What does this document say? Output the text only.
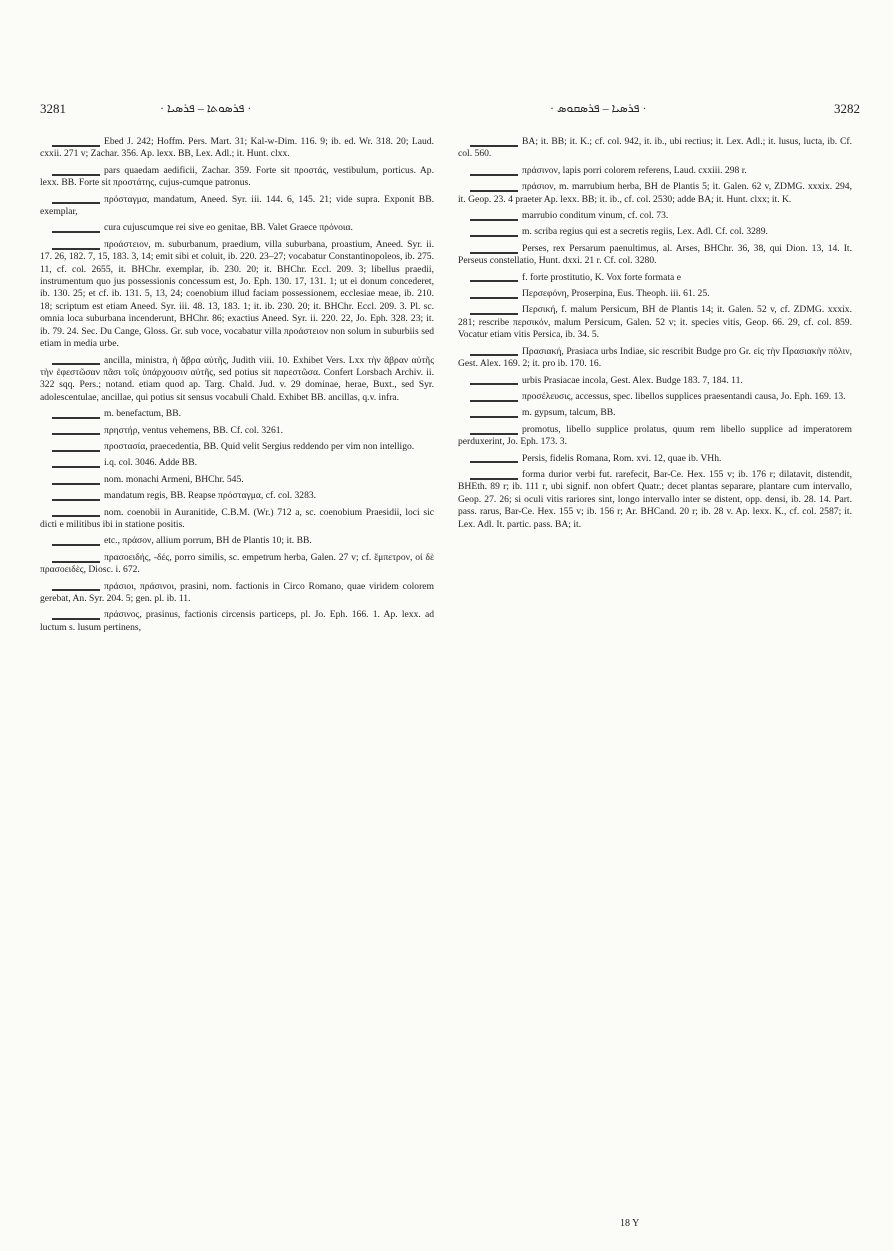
3281	· ܦܪܣܘܬܐ – ܦܪܣܝܐ ·	· ܦܪܣܝܐ – ܦܪܣܩܘܣ ·	3282

Ebed J. 242; Hoffm. Pers. Mart. 31; Kal-w-Dim. 116. 9; ib. ed. Wr. 318. 20; Laud. cxxii. 271 v; Zachar. 356. Ap. lexx. BB, Lex. Adl.; it. Hunt. clxx.

pars quaedam aedificii, Zachar. 359. Forte sit προστάς, vestibulum, porticus. Ap. lexx. BB. Forte sit προστάτης, cujus-cumque patronus.

πρόσταγμα, mandatum, Aneed. Syr. iii. 144. 6, 145. 21; vide supra. Exponit BB. exemplar,

cura cujuscumque rei sive eo genitae, BB. Valet Graece πρόνοια.

προάστειον, m. suburbanum, praedium, villa suburbana, proastium, Aneed. Syr. ii. 17. 26, 182. 7, 15, 183. 3, 14; emit sibi et coluit, ib. 220. 23–27; vocabatur Constantinopoleos, ib. 275. 11, cf. col. 2655, it. BHChr. exemplar, ib. 230. 20; it. BHChr. Eccl. 209. 3; libellus praedii, instrumentum quo jus possessionis concessum est, Jo. Eph. 130. 17, 131. 1; ut ei donum concederet, ib. 130. 25; et cf. ib. 131. 5, 13, 24; coenobium illud faciam possessionem, ecclesiae meae, ib. 210. 18; scriptum est etiam Aneed. Syr. iii. 48. 13, 183. 1; it. ib. 230. 20; it. BHChr. Eccl. 209. 3. Pl. sc. omnia loca suburbana incenderunt, BHChr. 86; exactius Aneed. Syr. ii. 220. 22, Jo. Eph. 328. 23; it. ib. 79. 24. Sec. Du Cange, Gloss. Gr. sub voce, vocabatur villa προάστειον non solum in suburbiis sed etiam in media urbe.

ancilla, ministra, ἡ ἄβρα αὐτῆς, Judith viii. 10. Exhibet Vers. Lxx τὴν ἄβραν αὐτῆς τὴν ἐφεστῶσαν πᾶσι τοῖς ὑπάρχουσιν αὐτῆς, sed potius sit παρεστῶσα. Confert Lorsbach Archiv. ii. 322 sqq. Pers.; notand. etiam quod ap. Targ. Chald. Jud. v. 29 dominae, herae, Buxt., sed Syr. adolescentulae, ancillae, qui potius sit sensus vocabuli Chald. Exhibet BB. ancillas, q.v. infra.

m. benefactum, BB.

πρηστήρ, ventus vehemens, BB. Cf. col. 3261.

προστασία, praecedentia, BB. Quid velit Sergius reddendo per vim non intelligo.

i.q. col. 3046. Adde BB.

nom. monachi Armeni, BHChr. 545.

mandatum regis, BB. Reapse πρόσταγμα, cf. col. 3283.

nom. coenobii in Auranitide, C.B.M. (Wr.) 712 a, sc. coenobium Praesidii, loci sic dicti e militibus ibi in statione positis.

etc., πράσον, allium porrum, BH de Plantis 10; it. BB.

πρασοειδής, -δές, porro similis, sc. empetrum herba, Galen. 27 v; cf. ἔμπετρον, οἱ δὲ πρασοειδὲς, Diosc. i. 672.

πράσιοι, πράσινοι, prasini, nom. factionis in Circo Romano, quae viridem colorem gerebat, An. Syr. 204. 5; gen. pl. ib. 11.

πράσινος, prasinus, factionis circensis particeps, pl. Jo. Eph. 166. 1. Ap. lexx. ad luctum s. lusum pertinens,

BA; it. BB; it. K.; cf. col. 942, it. ib., ubi rectius; it. Lex. Adl.; it. lusus, lucta, ib. Cf. col. 560.

πράσινον, lapis porri colorem referens, Laud. cxxiii. 298 r.

πράσιον, m. marrubium herba, BH de Plantis 5; it. Galen. 62 v, ZDMG. xxxix. 294, it. Geop. 23. 4 praeter Ap. lexx. BB; it. ib., cf. col. 2530; adde BA; it. Hunt. clxx; it. K.

marrubio conditum vinum, cf. col. 73.

m. scriba regius qui est a secretis regiis, Lex. Adl. Cf. col. 3289.

Perses, rex Persarum paenultimus, al. Arses, BHChr. 36, 38, qui Dion. 13, 14. It. Perseus constellatio, Hunt. dxxi. 21 r. Cf. col. 3280.

f. forte prostitutio, K. Vox forte formata e

Περσεφόνη, Proserpina, Eus. Theoph. iii. 61. 25.

Περσική, f. malum Persicum, BH de Plantis 14; it. Galen. 52 v, cf. ZDMG. xxxix. 281; rescribe περσικόν, malum Persicum, Galen. 52 v; it. species vitis, Geop. 66. 29, cf. col. 859. Vocatur etiam vitis Persica, ib. 34. 5.

Πρασιακή, Prasiaca urbs Indiae, sic rescribit Budge pro Gr. εἰς τὴν Πρασιακὴν πόλιν, Gest. Alex. 169. 2; it. pro ib. 170. 16.

urbis Prasiacae incola, Gest. Alex. Budge 183. 7, 184. 11.

προσέλευσις, accessus, spec. libellos supplices praesentandi causa, Jo. Eph. 169. 13.

m. gypsum, talcum, BB.

promotus, libello supplice prolatus, quum rem libello supplice ad imperatorem perduxerint, Jo. Eph. 173. 3.

Persis, fidelis Romana, Rom. xvi. 12, quae ib. VHh.

forma durior verbi fut. rarefecit, Bar-Ce. Hex. 155 v; ib. 176 r; dilatavit, distendit, BHEth. 89 r; ib. 111 r, ubi signif. non obfert Quatr.; decet plantas separare, plantare cum intervallo, Geop. 27. 26; si oculi vitis rariores sint, longo intervallo inter se distent, opp. densi, ib. 28. 14. Part. pass. rarus, Bar-Ce. Hex. 155 v; ib. 156 r; Ar. BHCand. 20 r; ib. 28 v. Ap. lexx. K., cf. col. 2587; it. Lex. Adl. It. partic. pass. BA; it.

18 Y
